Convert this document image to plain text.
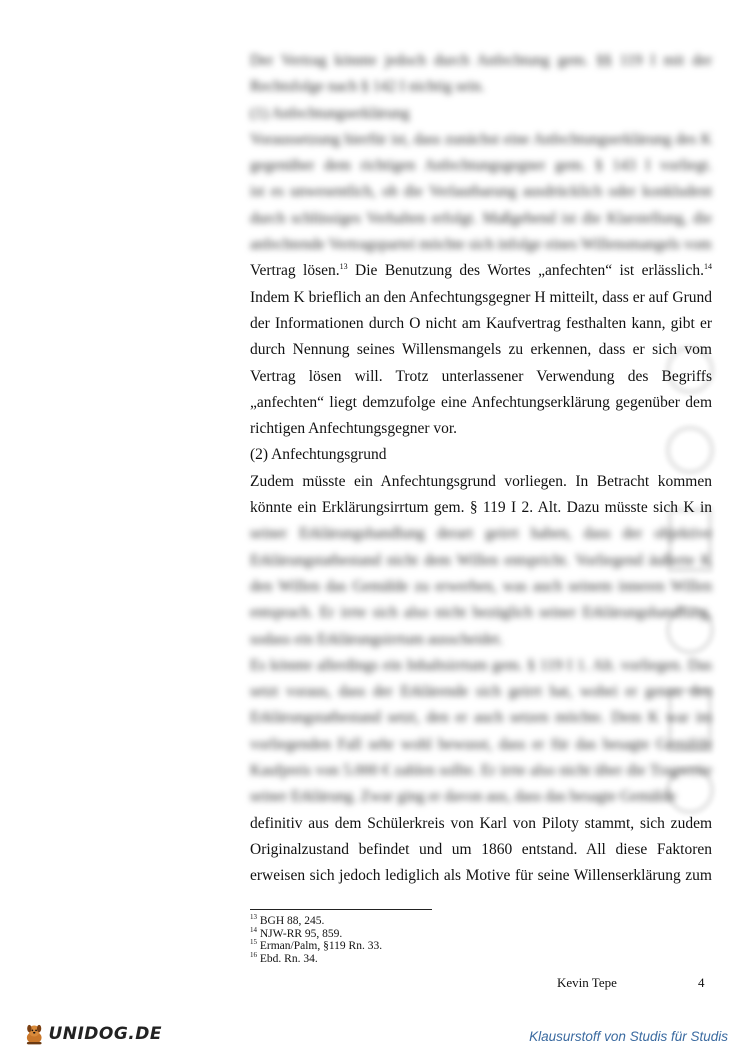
Der Vertrag könnte jedoch durch Anfechtung gem. §§ 119 I mit der
Rechtsfolge nach § 142 I nichtig sein.
(1) Anfechtungserklärung
Voraussetzung hierfür ist, dass zunächst eine Anfechtungserklärung des K
gegenüber dem richtigen Anfechtungsgegner gem. § 143 I vorliegt.
ist es unwesentlich, ob die Verlautbarung ausdrücklich oder konkludent
durch schlüssiges Verhalten erfolgt. Maßgebend ist die Klarstellung, die
anfechtende Vertragspartei möchte sich infolge eines Willensmangels vom
Vertrag lösen.$^{13}$ Die Benutzung des Wortes „anfechten“ ist erlässlich.$^{14}$
Indem K brieflich an den Anfechtungsgegner H mitteilt, dass er auf Grund
der Informationen durch O nicht am Kaufvertrag festhalten kann, gibt er
durch Nennung seines Willensmangels zu erkennen, dass er sich vom
Vertrag lösen will. Trotz unterlassener Verwendung des Begriffs
„anfechten“ liegt demzufolge eine Anfechtungserklärung gegenüber dem
richtigen Anfechtungsgegner vor.
(2) Anfechtungsgrund
Zudem müsste ein Anfechtungsgrund vorliegen. In Betracht kommen
könnte ein Erklärungsirrtum gem. § 119 I 2. Alt. Dazu müsste sich K in
seiner Erklärungshandlung derart geirrt haben, dass der objektive
Erklärungstatbestand nicht dem Willen entspricht. Vorliegend äußerte K
den Willen das Gemälde zu erwerben, was auch seinem inneren Willen
entsprach. Er irrte sich also nicht bezüglich seiner Erklärungshandlung,
sodass ein Erklärungsirrtum ausscheidet.
Es könnte allerdings ein Inhaltsirrtum gem. § 119 I 1. Alt. vorliegen. Das
setzt voraus, dass der Erklärende sich geirrt hat, wobei er genau den
Erklärungstatbestand setzt, den er auch setzen möchte. Dem K war im
vorliegenden Fall sehr wohl bewusst, dass er für das besagte Gemälde
Kaufpreis von 5.000 € zahlen sollte. Er irrte also nicht über die Tragweite
seiner Erklärung. Zwar ging er davon aus, dass das besagte Gemälde
definitiv aus dem Schülerkreis von Karl von Piloty stammt, sich zudem
Originalzustand befindet und um 1860 entstand. All diese Faktoren
erweisen sich jedoch lediglich als Motive für seine Willenserklärung zum
$^{13}$ BGH 88, 245.
$^{14}$ NJW-RR 95, 859.
$^{15}$ Erman/Palm, §119 Rn. 33.
$^{16}$ Ebd. Rn. 34.
Kevin Tepe	4
UNIDOG.DE	Klausurstoff von Studis für Studis
